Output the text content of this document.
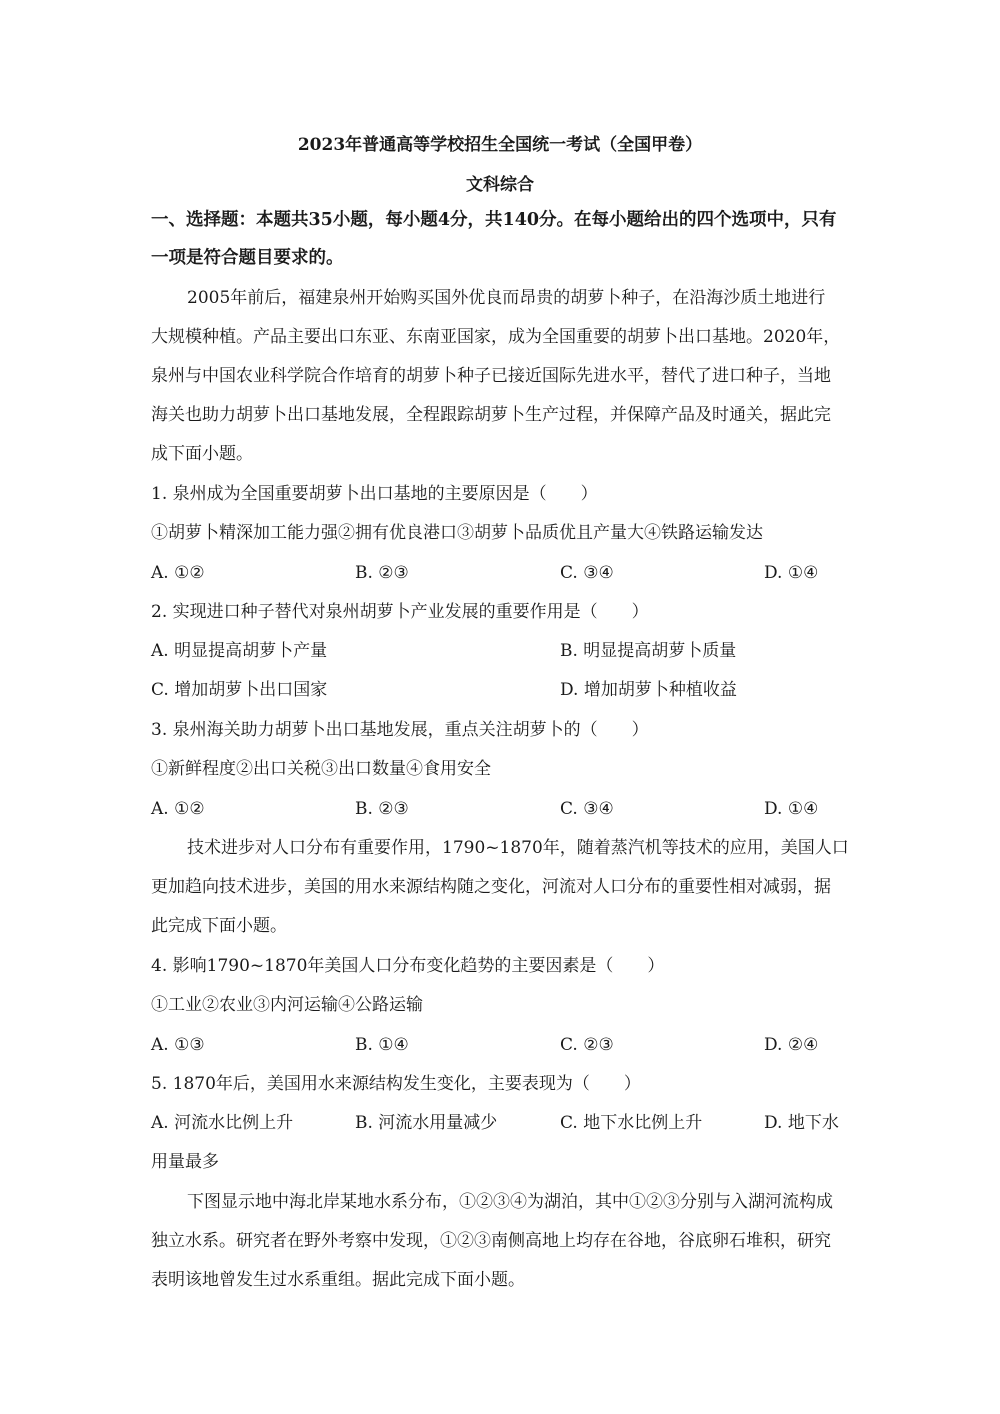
2023年普通高等学校招生全国统一考试（全国甲卷）
文科综合
一、选择题：本题共35小题，每小题4分，共140分。在每小题给出的四个选项中，只有
一项是符合题目要求的。
2005年前后，福建泉州开始购买国外优良而昂贵的胡萝卜种子，在沿海沙质土地进行
大规模种植。产品主要出口东亚、东南亚国家，成为全国重要的胡萝卜出口基地。2020年，
泉州与中国农业科学院合作培育的胡萝卜种子已接近国际先进水平，替代了进口种子，当地
海关也助力胡萝卜出口基地发展，全程跟踪胡萝卜生产过程，并保障产品及时通关，据此完
成下面小题。
1. 泉州成为全国重要胡萝卜出口基地的主要原因是（　　）
①胡萝卜精深加工能力强②拥有优良港口③胡萝卜品质优且产量大④铁路运输发达
A. ①②	B. ②③	C. ③④	D. ①④
2. 实现进口种子替代对泉州胡萝卜产业发展的重要作用是（　　）
A. 明显提高胡萝卜产量	B. 明显提高胡萝卜质量
C. 增加胡萝卜出口国家	D. 增加胡萝卜种植收益
3. 泉州海关助力胡萝卜出口基地发展，重点关注胡萝卜的（　　）
①新鲜程度②出口关税③出口数量④食用安全
A. ①②	B. ②③	C. ③④	D. ①④
技术进步对人口分布有重要作用，1790~1870年，随着蒸汽机等技术的应用，美国人口
更加趋向技术进步，美国的用水来源结构随之变化，河流对人口分布的重要性相对减弱，据
此完成下面小题。
4. 影响1790~1870年美国人口分布变化趋势的主要因素是（　　）
①工业②农业③内河运输④公路运输
A. ①③	B. ①④	C. ②③	D. ②④
5. 1870年后，美国用水来源结构发生变化，主要表现为（　　）
A. 河流水比例上升	B. 河流水用量减少	C. 地下水比例上升	D. 地下水
用量最多
下图显示地中海北岸某地水系分布，①②③④为湖泊，其中①②③分别与入湖河流构成
独立水系。研究者在野外考察中发现，①②③南侧高地上均存在谷地，谷底卵石堆积，研究
表明该地曾发生过水系重组。据此完成下面小题。
